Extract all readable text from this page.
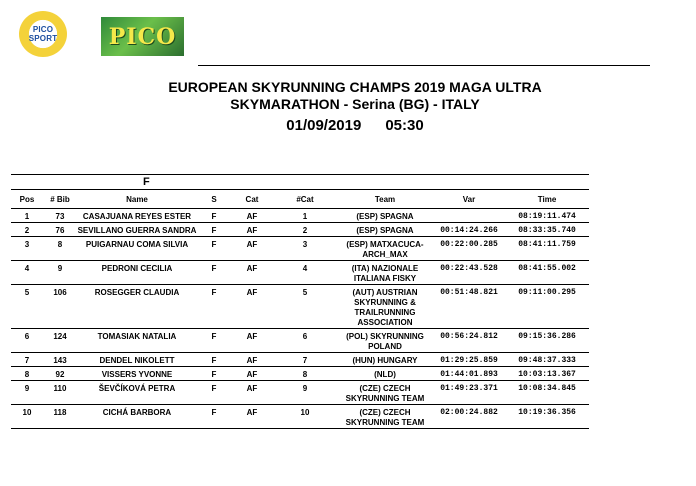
PICO
SPORT PICO
EUROPEAN SKYRUNNING CHAMPS 2019 MAGA ULTRA
SKYMARATHON - Serina (BG) - ITALY
01/09/2019 05:30
F								
Pos	# Bib	Name	S	Cat	#Cat	Team	Var	Time
1	73	CASAJUANA REYES ESTER	F	AF	1	(ESP) SPAGNA		08:19:11.474
2	76	SEVILLANO GUERRA SANDRA	F	AF	2	(ESP) SPAGNA	00:14:24.266	08:33:35.740
3	8	PUIGARNAU COMA SILVIA	F	AF	3	(ESP) MATXACUCA-ARCH_MAX	00:22:00.285	08:41:11.759
4	9	PEDRONI CECILIA	F	AF	4	(ITA) NAZIONALE ITALIANA FISKY	00:22:43.528	08:41:55.002
5	106	ROSEGGER CLAUDIA	F	AF	5	(AUT) AUSTRIAN SKYRUNNING & TRAILRUNNING ASSOCIATION	00:51:48.821	09:11:00.295
6	124	TOMASIAK NATALIA	F	AF	6	(POL) SKYRUNNING POLAND	00:56:24.812	09:15:36.286
7	143	DENDEL NIKOLETT	F	AF	7	(HUN) HUNGARY	01:29:25.859	09:48:37.333
8	92	VISSERS YVONNE	F	AF	8	(NLD)	01:44:01.893	10:03:13.367
9	110	ŠEVČÍKOVÁ PETRA	F	AF	9	(CZE) CZECH SKYRUNNING TEAM	01:49:23.371	10:08:34.845
10	118	CICHÁ BARBORA	F	AF	10	(CZE) CZECH SKYRUNNING TEAM	02:00:24.882	10:19:36.356
